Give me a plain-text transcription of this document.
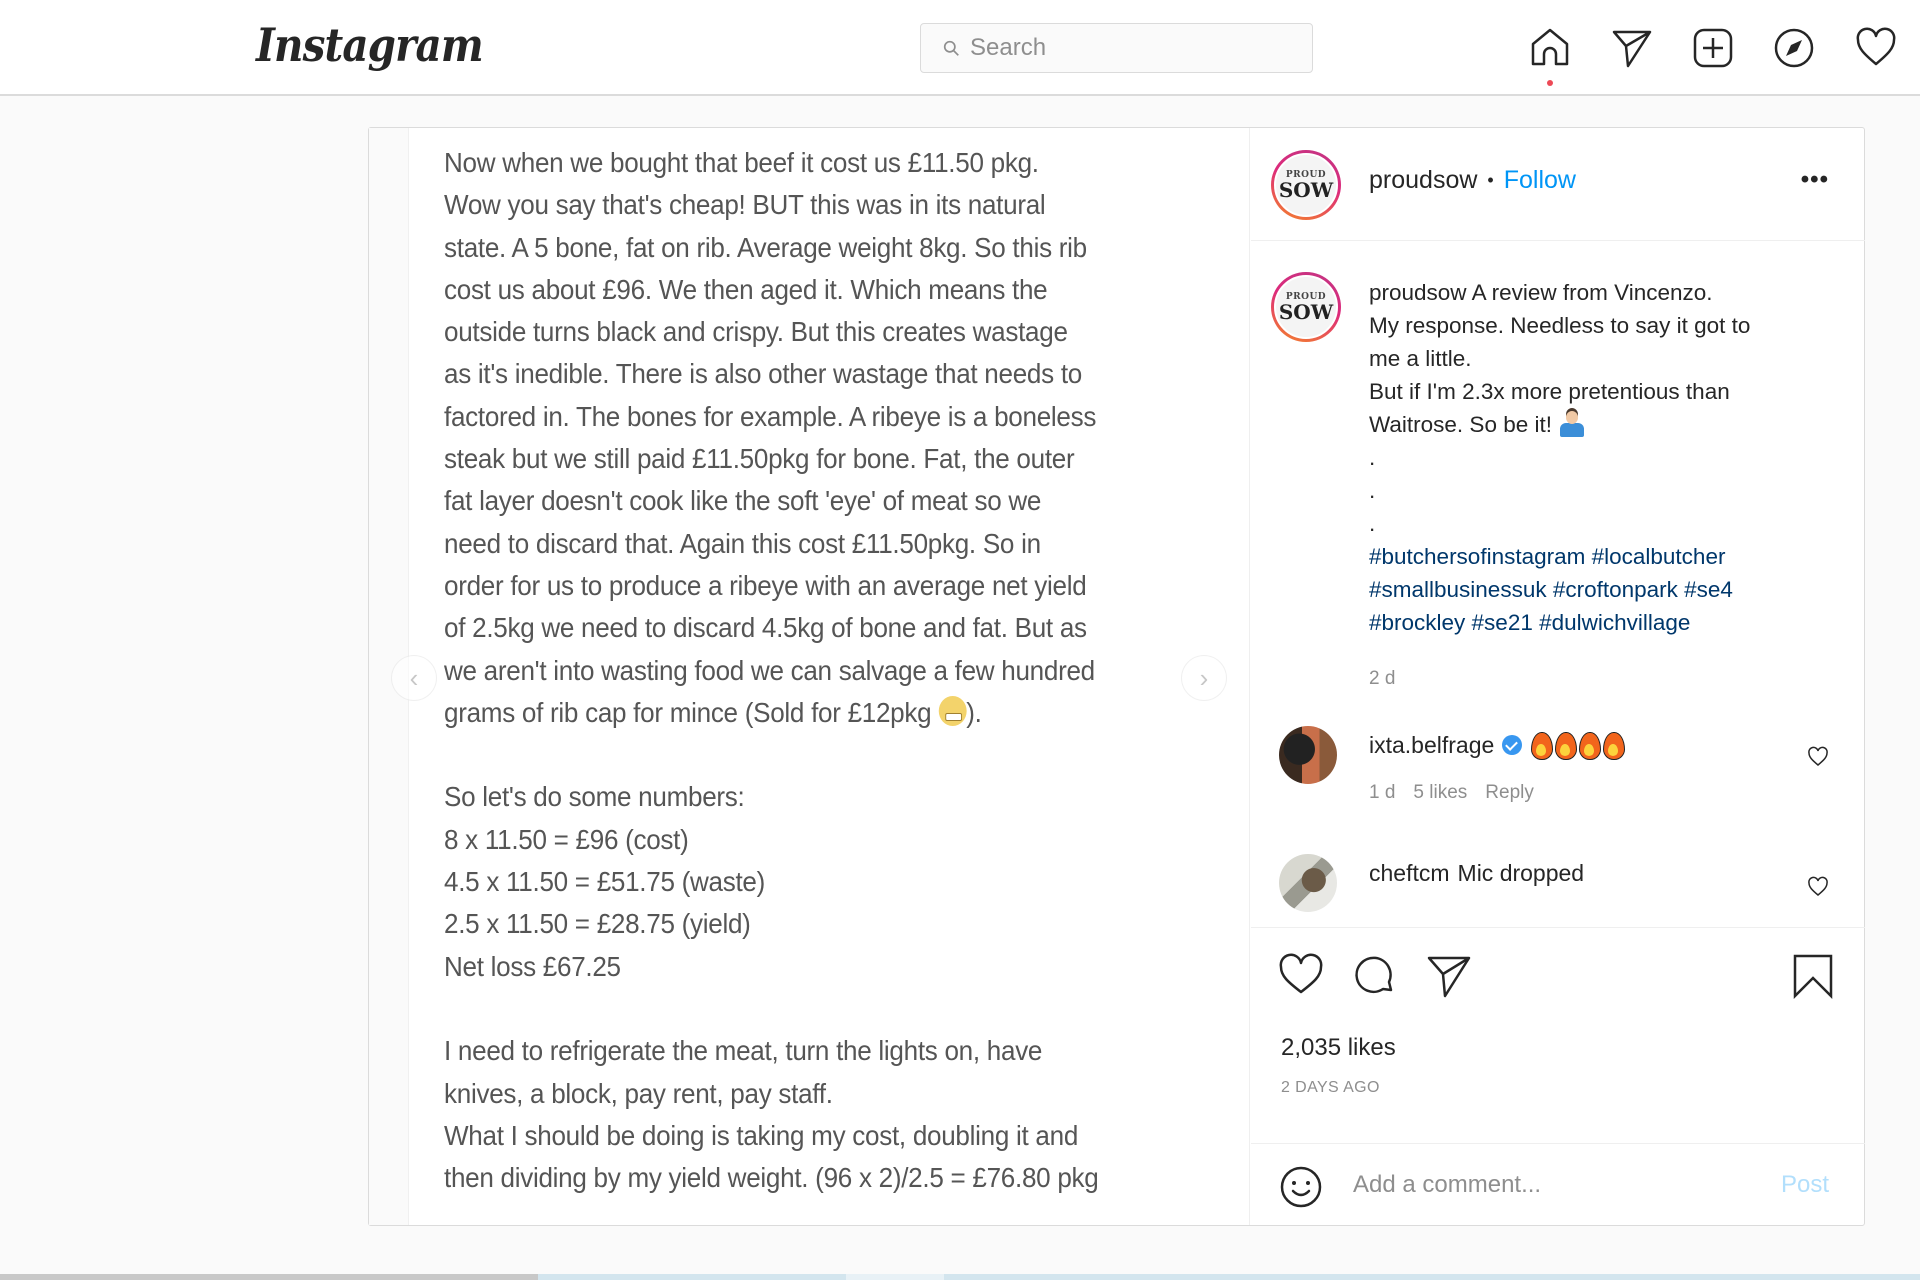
Instagram
Search

Now when we bought that beef it cost us £11.50 pkg.

Wow you say that's cheap! BUT this was in its natural

state. A 5 bone, fat on rib. Average weight 8kg. So this rib

cost us about £96. We then aged it. Which means the

outside turns black and crispy. But this creates wastage

as it's inedible. There is also other wastage that needs to

factored in. The bones for example. A ribeye is a boneless

steak but we still paid £11.50pkg for bone. Fat, the outer

fat layer doesn't cook like the soft 'eye' of meat so we

need to discard that. Again this cost £11.50pkg. So in

order for us to produce a ribeye with an average net yield

of 2.5kg we need to discard 4.5kg of bone and fat. But as

we aren't into wasting food we can salvage a few hundred

grams of rib cap for mince (Sold for £12pkg ).

So let's do some numbers:

8 x 11.50 = £96 (cost)

4.5 x 11.50 = £51.75 (waste)

2.5 x 11.50 = £28.75 (yield)

Net loss £67.25

I need to refrigerate the meat, turn the lights on, have

knives, a block, pay rent, pay staff.

What I should be doing is taking my cost, doubling it and

then dividing by my yield weight. (96 x 2)/2.5 = £76.80 pkg

‹	›
PROUD
SOW proudsow • Follow	•••
PROUD
SOW
proudsow A review from Vincenzo.
My response. Needless to say it got to
me a little.
But if I'm 2.3x more pretentious than
Waitrose. So be it!
.
.
.
#butchersofinstagram #localbutcher
#smallbusinessuk #croftonpark #se4
#brockley #se21 #dulwichvillage
2 d
ixta.belfrage
1 d 5 likes Reply
cheftcm Mic dropped
2,035 likes
2 DAYS AGO
Add a comment...
Post
